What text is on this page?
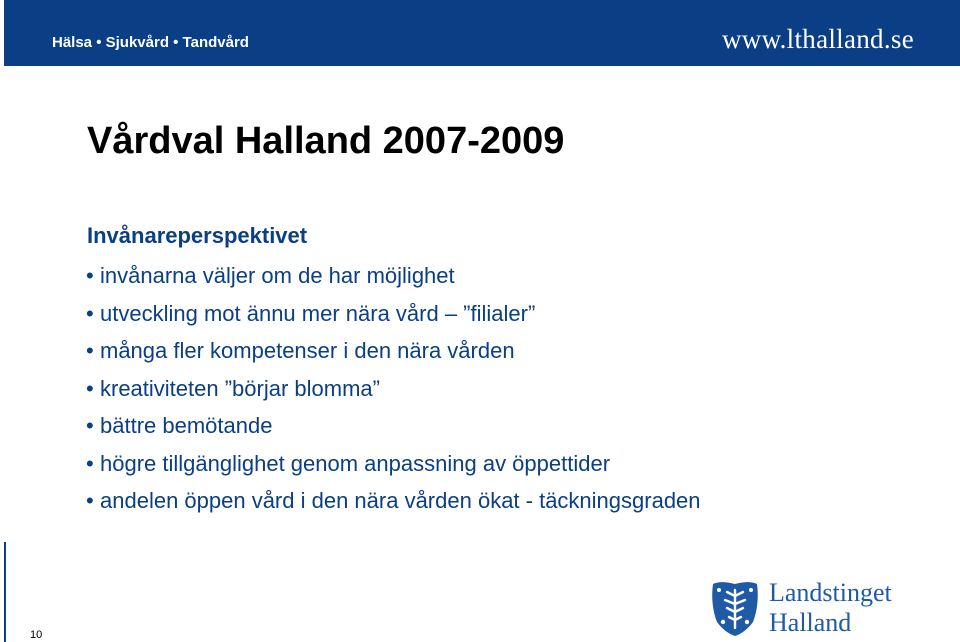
Hälsa • Sjukvård • Tandvård	www.lthalland.se
Vårdval Halland 2007-2009
Invånareperspektivet
• invånarna väljer om de har möjlighet
• utveckling mot ännu mer nära vård – ”filialer”
• många fler kompetenser i den nära vården
• kreativiteten ”börjar blomma”
• bättre bemötande
• högre tillgänglighet genom anpassning av öppettider
• andelen öppen vård i den nära vården ökat - täckningsgraden
10
Landstinget
Halland
